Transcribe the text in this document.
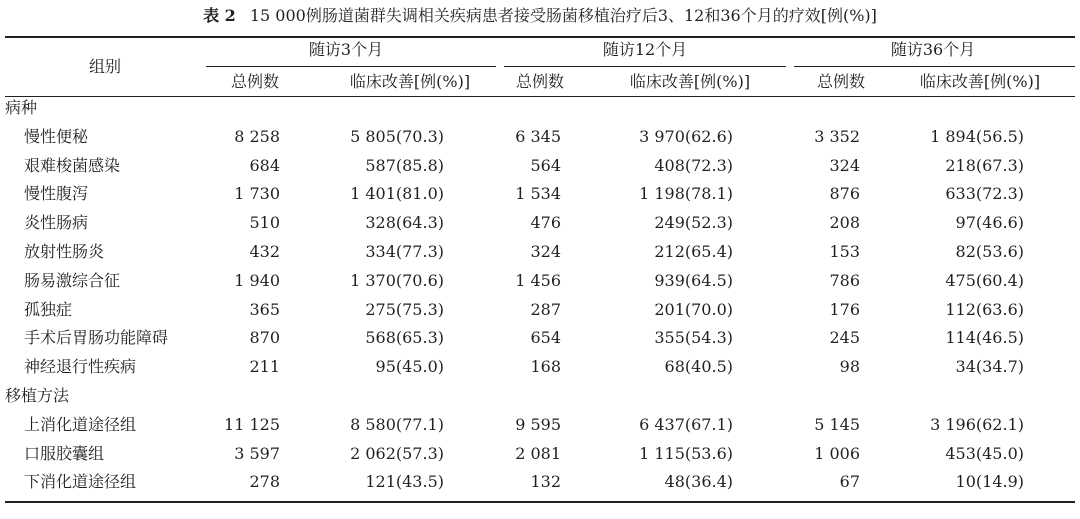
表 2 15 000例肠道菌群失调相关疾病患者接受肠菌移植治疗后3、12和36个月的疗效[例(%)]
组别
随访3个月	随访12个月	随访36个月
总例数	临床改善[例(%)]	总例数	临床改善[例(%)]	总例数	临床改善[例(%)]
病种
慢性便秘	8 258	5 805(70.3)	6 345	3 970(62.6)	3 352	1 894(56.5)
艰难梭菌感染	684	587(85.8)	564	408(72.3)	324	218(67.3)
慢性腹泻	1 730	1 401(81.0)	1 534	1 198(78.1)	876	633(72.3)
炎性肠病	510	328(64.3)	476	249(52.3)	208	97(46.6)
放射性肠炎	432	334(77.3)	324	212(65.4)	153	82(53.6)
肠易激综合征	1 940	1 370(70.6)	1 456	939(64.5)	786	475(60.4)
孤独症	365	275(75.3)	287	201(70.0)	176	112(63.6)
手术后胃肠功能障碍	870	568(65.3)	654	355(54.3)	245	114(46.5)
神经退行性疾病	211	95(45.0)	168	68(40.5)	98	34(34.7)
移植方法
上消化道途径组	11 125	8 580(77.1)	9 595	6 437(67.1)	5 145	3 196(62.1)
口服胶囊组	3 597	2 062(57.3)	2 081	1 115(53.6)	1 006	453(45.0)
下消化道途径组	278	121(43.5)	132	48(36.4)	67	10(14.9)
